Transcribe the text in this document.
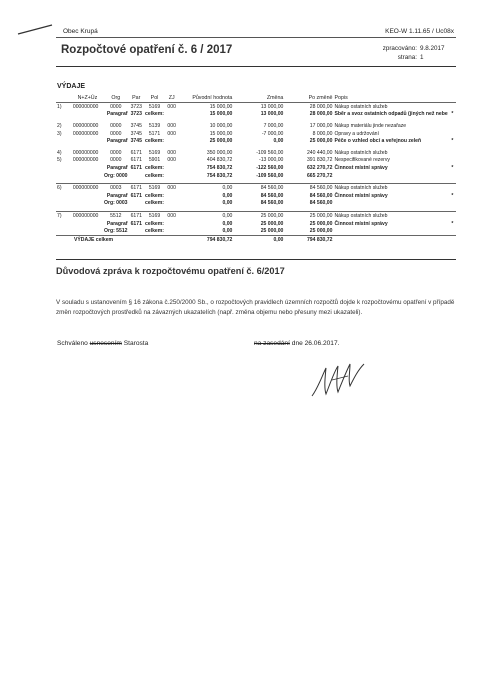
Obec Krupá	KEO-W 1.11.65 / Uc08x
Rozpočtové opatření č. 6 / 2017	zpracováno: 9.8.2017
strana: 1
VÝDAJE
	N+Z+Úz	Org	Par	Pol	ZJ	Původní hodnota	Změna	Po změně	Popis	
1)	000000000	0000	3723	5169	000	15 000,00	13 000,00	28 000,00	Nákup ostatních služeb	
		Paragraf	3723	celkem:		15 000,00	13 000,00	28 000,00	Sběr a svoz ostatních odpadů (jiných než nebe	*

2)	000000000	0000	3745	5139	000	10 000,00	7 000,00	17 000,00	Nákup materiálu jinde nezařaze	
3)	000000000	0000	3745	5171	000	15 000,00	-7 000,00	8 000,00	Opravy a udržování	
		Paragraf	3745	celkem:		25 000,00	0,00	25 000,00	Péče o vzhled obcí a veřejnou zeleň	*

4)	000000000	0000	6171	5169	000	350 000,00	-109 560,00	240 440,00	Nákup ostatních služeb	
5)	000000000	0000	6171	5901	000	404 830,72	-13 000,00	391 830,72	Nespecifikované rezervy	
		Paragraf	6171	celkem:		754 830,72	-122 560,00	632 270,72	Činnost místní správy	*
		Org: 0000		celkem:		754 830,72	-109 560,00	665 270,72		

6)	000000000	0003	6171	5169	000	0,00	84 560,00	84 560,00	Nákup ostatních služeb	
		Paragraf	6171	celkem:		0,00	84 560,00	84 560,00	Činnost místní správy	*
		Org: 0003		celkem:		0,00	84 560,00	84 560,00		

7)	000000000	5512	6171	5169	000	0,00	25 000,00	25 000,00	Nákup ostatních služeb	
		Paragraf	6171	celkem:		0,00	25 000,00	25 000,00	Činnost místní správy	*
		Org: 5512		celkem:		0,00	25 000,00	25 000,00		
VÝDAJE celkem						794 830,72	0,00	794 830,72		
Důvodová zpráva k rozpočtovému opatření č. 6/2017
V souladu s ustanovením § 16 zákona č.250/2000 Sb., o rozpočtových pravidlech územních rozpočtů dojde k rozpočtovému opatření v případě změn rozpočtových prostředků na závazných ukazatelích (např. změna objemu nebo přesuny mezi ukazateli).
Schváleno usnesením Starosta	na zasedání dne 26.06.2017.
